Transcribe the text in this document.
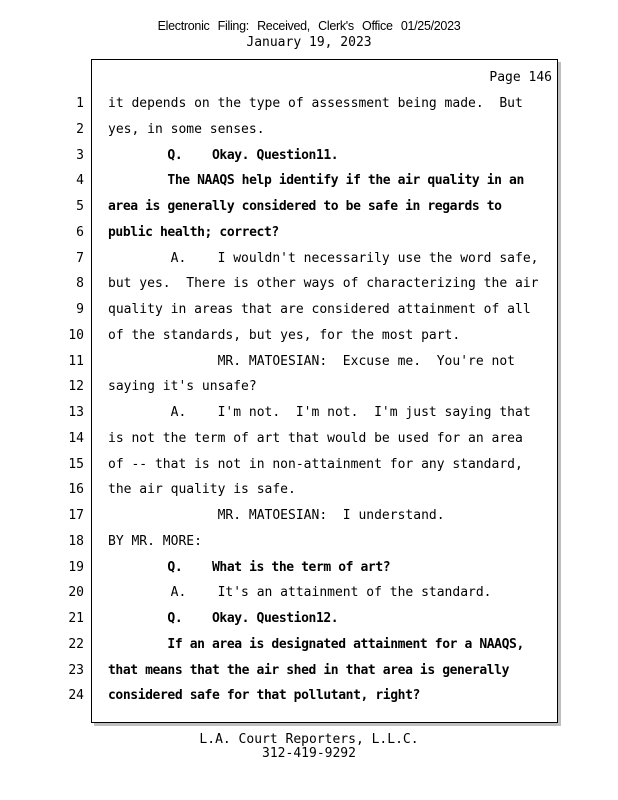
Electronic Filing: Received, Clerk's Office 01/25/2023
January 19, 2023
Page 146
1 it depends on the type of assessment being made.  But
2 yes, in some senses.
3 Q.    Okay. Question11.
4 The NAAQS help identify if the air quality in an
5 area is generally considered to be safe in regards to
6 public health; correct?
7 A.    I wouldn't necessarily use the word safe,
8 but yes.  There is other ways of characterizing the air
9 quality in areas that are considered attainment of all
10 of the standards, but yes, for the most part.
11 MR. MATOESIAN:  Excuse me.  You're not
12 saying it's unsafe?
13 A.    I'm not.  I'm not.  I'm just saying that
14 is not the term of art that would be used for an area
15 of -- that is not in non-attainment for any standard,
16 the air quality is safe.
17 MR. MATOESIAN:  I understand.
18 BY MR. MORE:
19 Q.    What is the term of art?
20 A.    It's an attainment of the standard.
21 Q.    Okay. Question12.
22 If an area is designated attainment for a NAAQS,
23 that means that the air shed in that area is generally
24 considered safe for that pollutant, right?
L.A. Court Reporters, L.L.C.
312-419-9292
